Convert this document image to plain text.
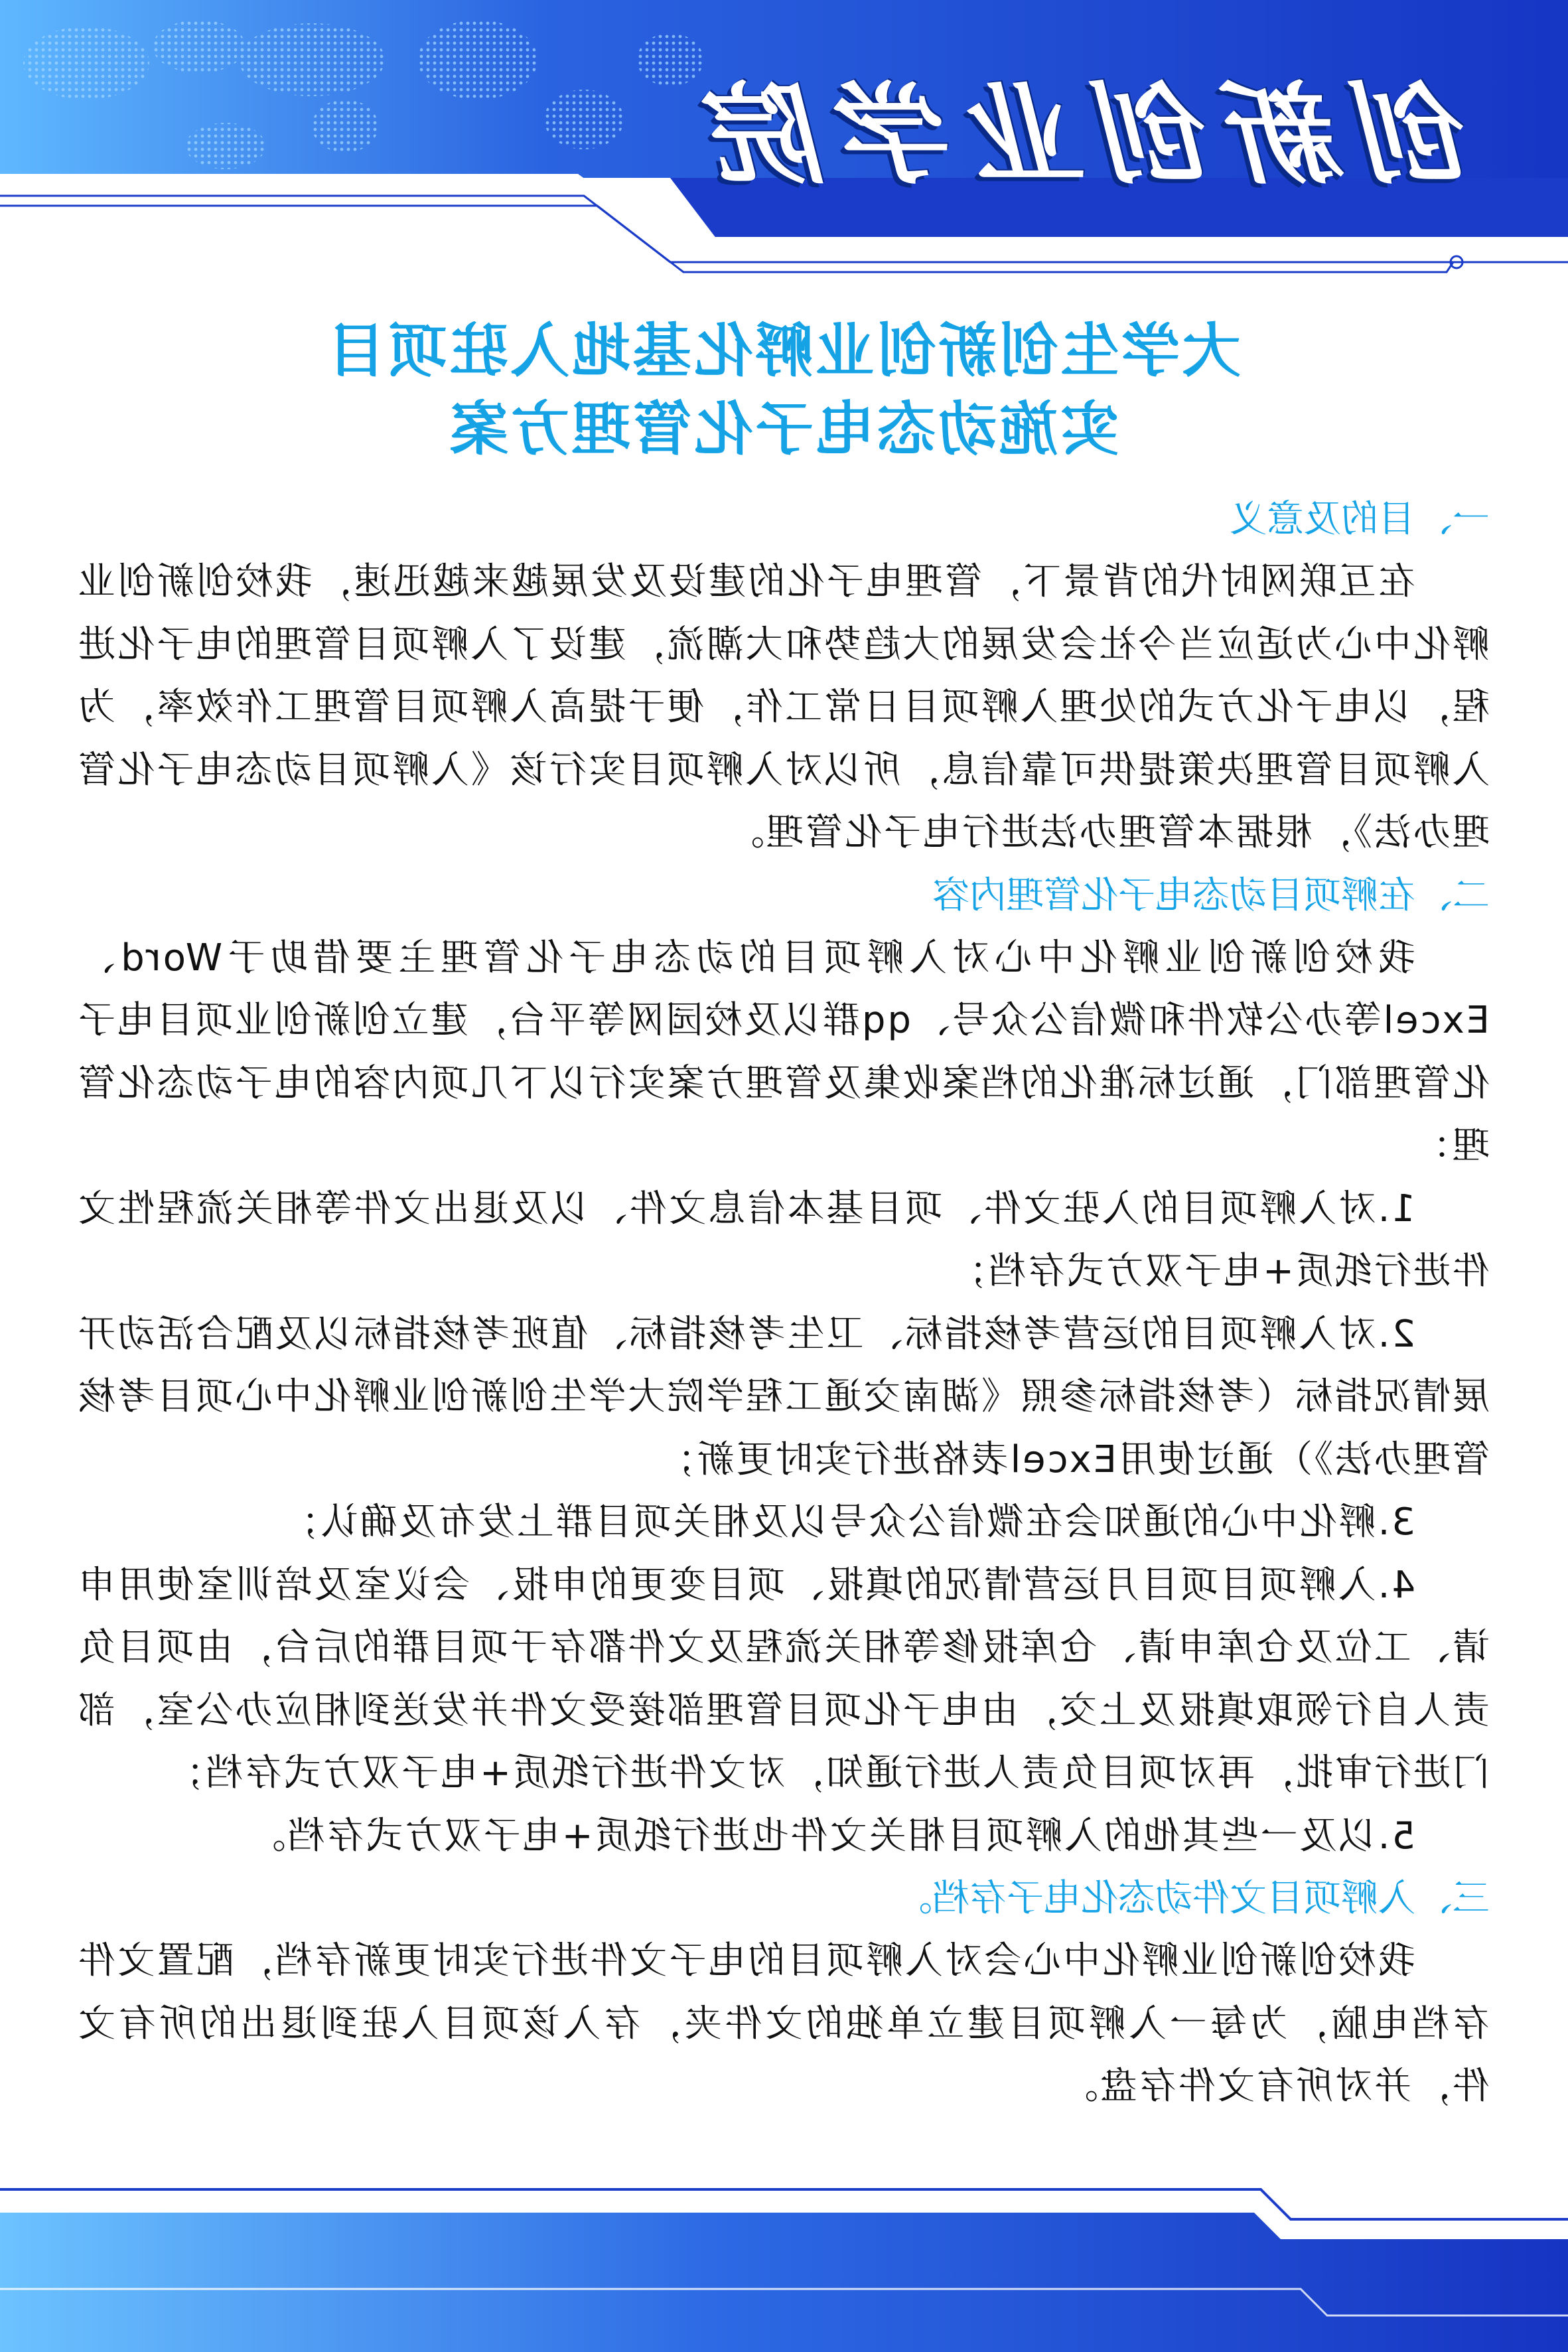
创新创业学院
大学生创新创业孵化基地入驻项目
实施动态电子化管理方案
一、目的及意义

在互联网时代的背景下，管理电子化的建设及发展越来越迅速，我校创新创业孵化中心为适应当今社会发展的大趋势和大潮流，建设了入孵项目管理的电子化进程，以电子化方式的处理入孵项目日常工作，便于提高入孵项目管理工作效率，为入孵项目管理决策提供可靠信息，所以对入孵项目实行该《入孵项目动态电子化管理办法》，根据本管理办法进行电子化管理。

二、在孵项目动态电子化管理内容

我校创新创业孵化中心对入孵项目的动态电子化管理主要借助于Word、Excel等办公软件和微信公众号、qq群以及校园网等平台，建立创新创业项目电子化管理部门，通过标准化的档案收集及管理方案实行以下几项内容的电子动态化管理：

1.对入孵项目的入驻文件、项目基本信息文件、以及退出文件等相关流程性文件进行纸质+电子双方式存档；

2.对入孵项目的运营考核指标、卫生考核指标、值班考核指标以及配合活动开展情况指标（考核指标参照《湖南交通工程学院大学生创新创业孵化中心项目考核管理办法》）通过使用Excel表格进行实时更新；

3.孵化中心的通知会在微信公众号以及相关项目群上发布及确认；

4.入孵项目项目月运营情况的填报、项目变更的申报、会议室及培训室使用申请、工位及仓库申请、仓库报修等相关流程及文件都存于项目群的后台，由项目负责人自行领取填报及上交，由电子化项目管理部接受文件并发送到相应办公室，部门进行审批，再对项目负责人进行通知，对文件进行纸质+电子双方式存档；

5.以及一些其他的入孵项目相关文件也进行纸质+电子双方式存档。

三、入孵项目文件动态化电子存档。

我校创新创业孵化中心会对入孵项目的电子文件进行实时更新存档，配置文件存档电脑，为每一入孵项目建立单独的文件夹，存入该项目入驻到退出的所有文件，并对所有文件存盘。
